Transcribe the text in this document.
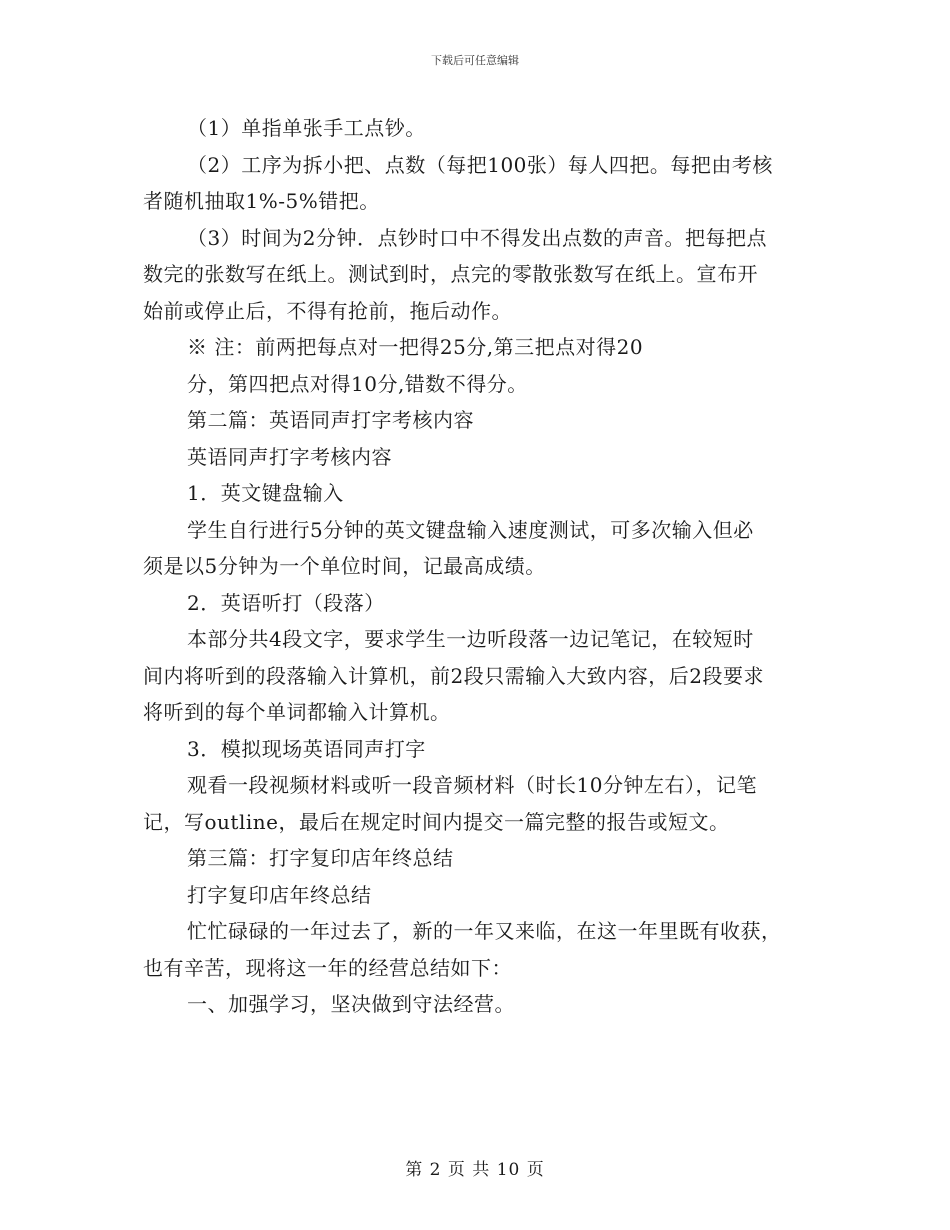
下载后可任意编辑
（1）单指单张手工点钞。
（2）工序为拆小把、点数（每把100张）每人四把。每把由考核
者随机抽取1%-5%错把。
（3）时间为2分钟．点钞时口中不得发出点数的声音。把每把点
数完的张数写在纸上。测试到时，点完的零散张数写在纸上。宣布开
始前或停止后，不得有抢前，拖后动作。
※ 注：前两把每点对一把得25分,第三把点对得20
分，第四把点对得10分,错数不得分。
第二篇：英语同声打字考核内容
英语同声打字考核内容
1．英文键盘输入
学生自行进行5分钟的英文键盘输入速度测试，可多次输入但必
须是以5分钟为一个单位时间，记最高成绩。
2．英语听打（段落）
本部分共4段文字，要求学生一边听段落一边记笔记，在较短时
间内将听到的段落输入计算机，前2段只需输入大致内容，后2段要求
将听到的每个单词都输入计算机。
3．模拟现场英语同声打字
观看一段视频材料或听一段音频材料（时长10分钟左右），记笔
记，写outline，最后在规定时间内提交一篇完整的报告或短文。
第三篇：打字复印店年终总结
打字复印店年终总结
忙忙碌碌的一年过去了，新的一年又来临，在这一年里既有收获，
也有辛苦，现将这一年的经营总结如下：
一、加强学习，坚决做到守法经营。
第 2 页 共 10 页
